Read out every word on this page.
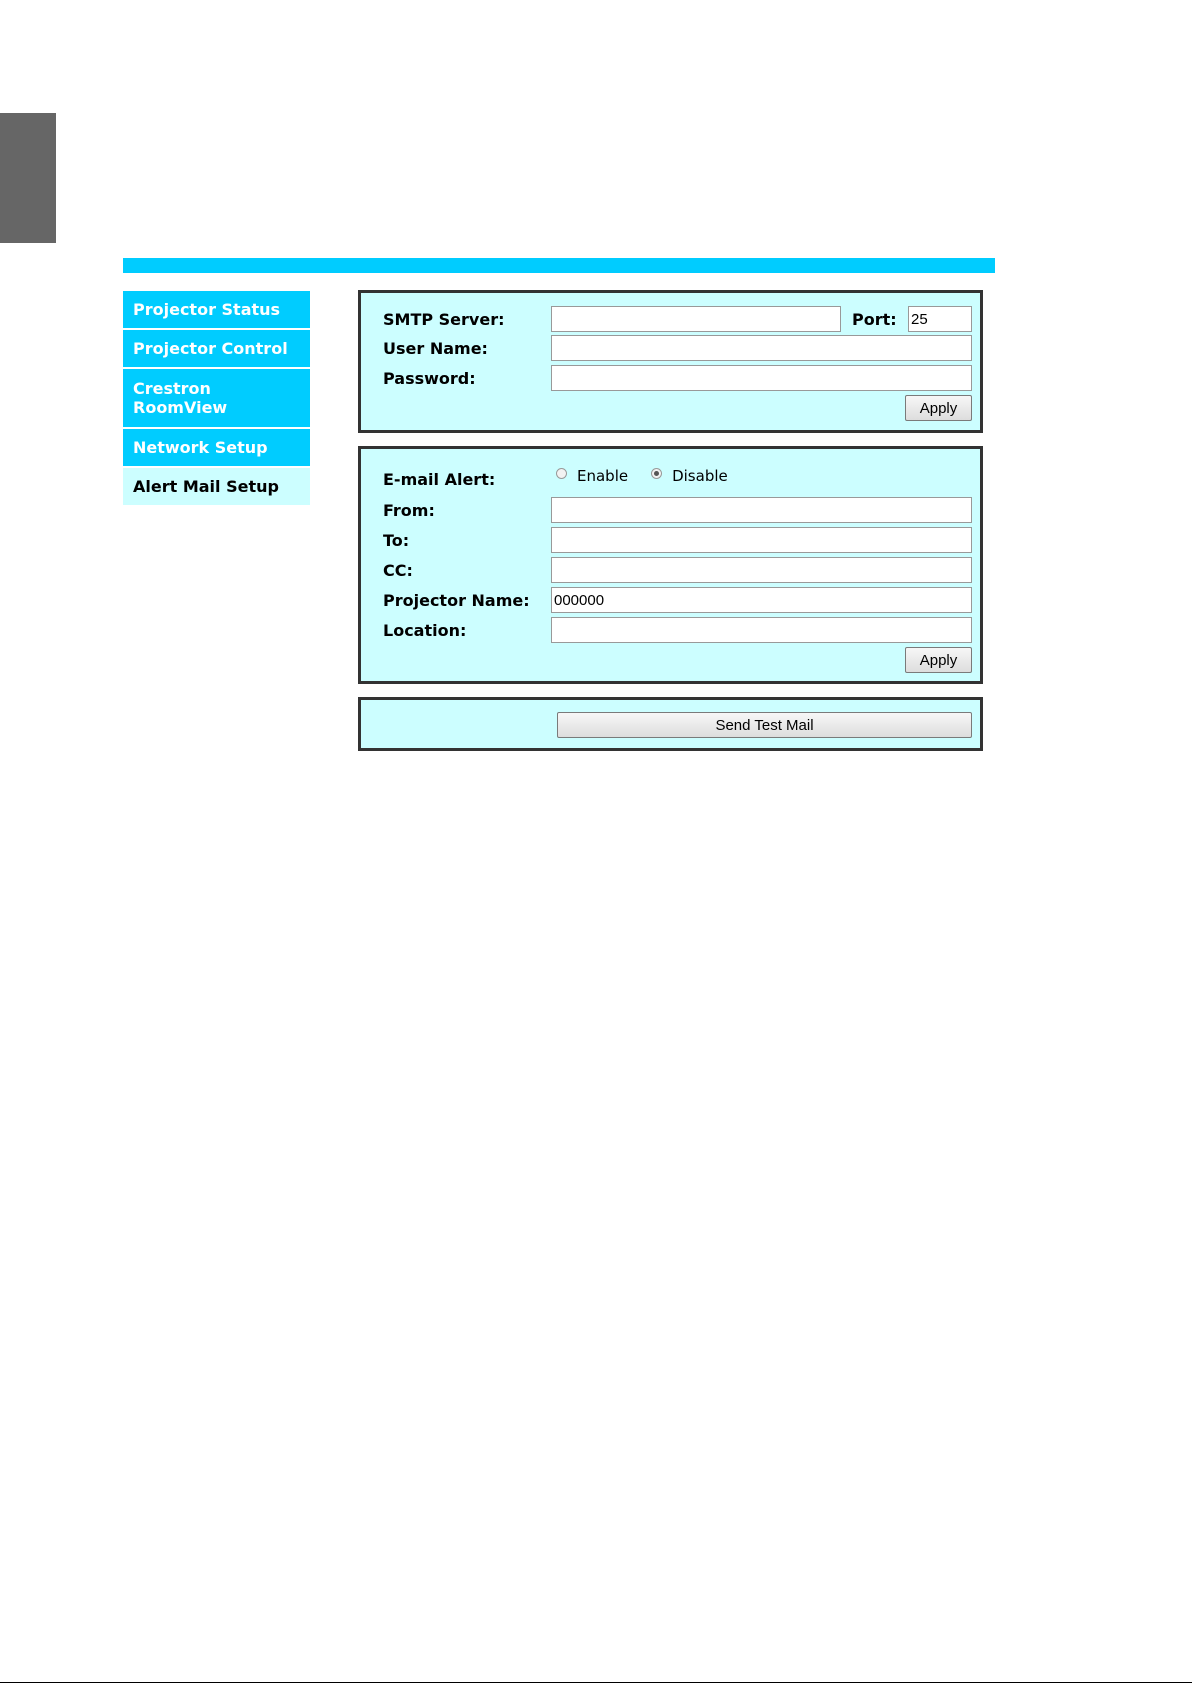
Projector Status
Projector Control
Crestron RoomView
Network Setup
Alert Mail Setup
SMTP Server:	Port:
25
User Name:
Password:
Apply
E-mail Alert:	Enable	Disable
From:
To:
CC:
Projector Name:
000000
Location:
Apply
Send Test Mail
